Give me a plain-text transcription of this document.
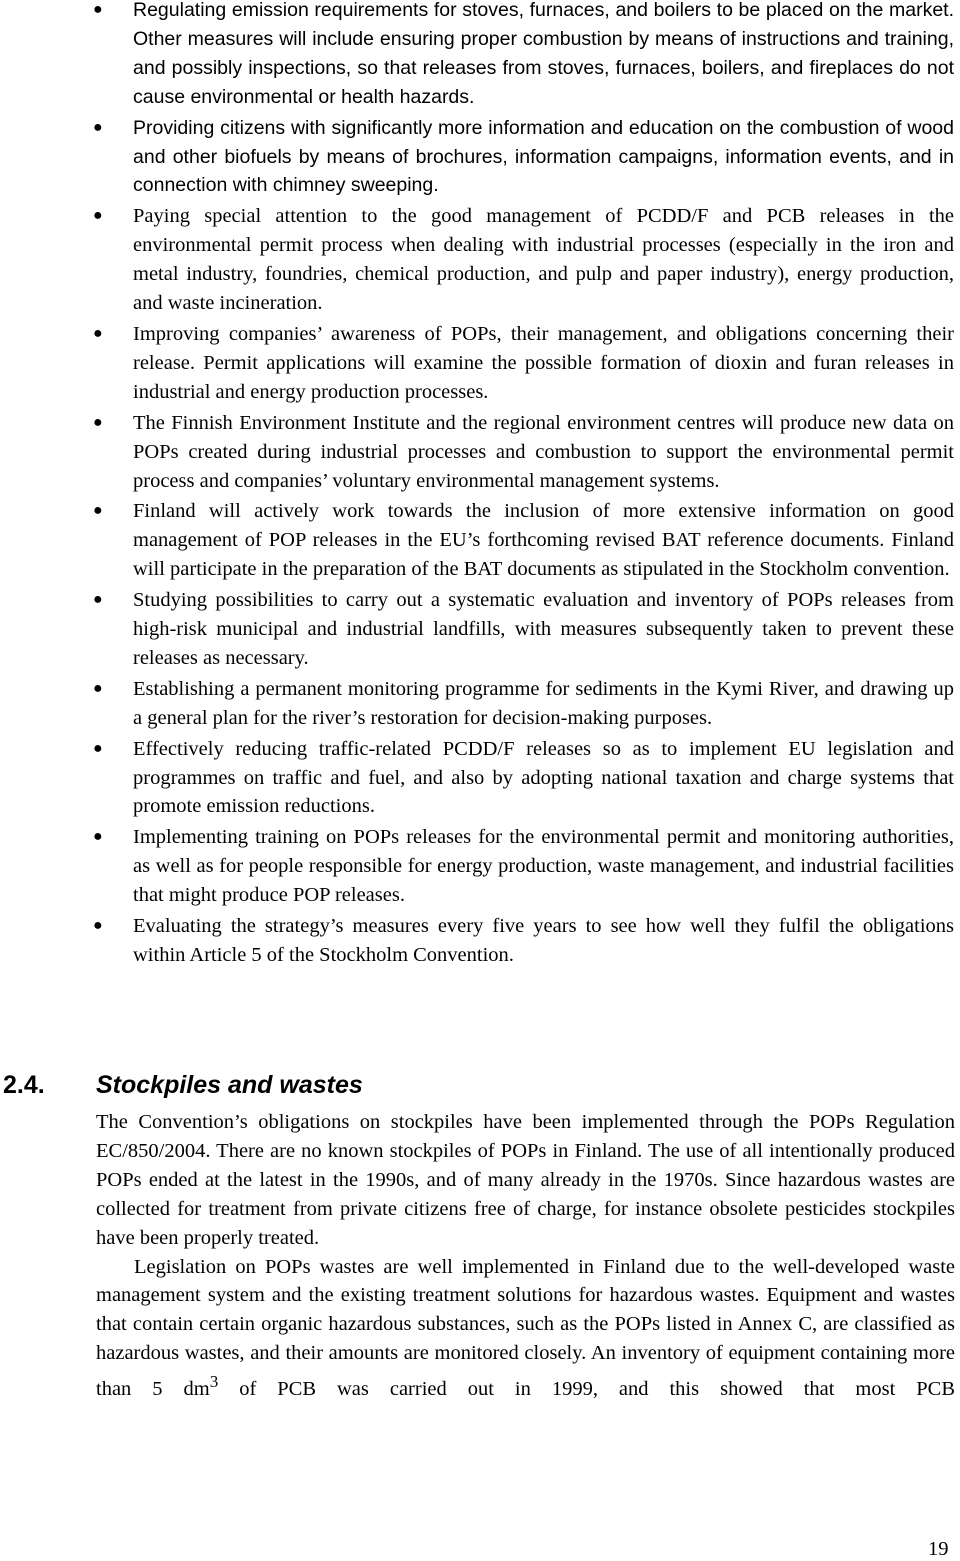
● Regulating emission requirements for stoves, furnaces, and boilers to be placed on the market. Other measures will include ensuring proper combustion by means of instructions and training, and possibly inspections, so that releases from stoves, furnaces, boilers, and fireplaces do not cause environmental or health hazards.
● Providing citizens with significantly more information and education on the combustion of wood and other biofuels by means of brochures, information campaigns, information events, and in connection with chimney sweeping.
● Paying special attention to the good management of PCDD/F and PCB releases in the environmental permit process when dealing with industrial processes (especially in the iron and metal industry, foundries, chemical production, and pulp and paper industry), energy production, and waste incineration.
● Improving companies’ awareness of POPs, their management, and obligations concerning their release. Permit applications will examine the possible formation of dioxin and furan releases in industrial and energy production processes.
● The Finnish Environment Institute and the regional environment centres will produce new data on POPs created during industrial processes and combustion to support the environmental permit process and companies’ voluntary environmental management systems.
● Finland will actively work towards the inclusion of more extensive information on good management of POP releases in the EU’s forthcoming revised BAT reference documents. Finland will participate in the preparation of the BAT documents as stipulated in the Stockholm convention.
● Studying possibilities to carry out a systematic evaluation and inventory of POPs releases from high-risk municipal and industrial landfills, with measures subsequently taken to prevent these releases as necessary.
● Establishing a permanent monitoring programme for sediments in the Kymi River, and drawing up a general plan for the river’s restoration for decision-making purposes.
● Effectively reducing traffic-related PCDD/F releases so as to implement EU legislation and programmes on traffic and fuel, and also by adopting national taxation and charge systems that promote emission reductions.
● Implementing training on POPs releases for the environmental permit and monitoring authorities, as well as for people responsible for energy production, waste management, and industrial facilities that might produce POP releases.
● Evaluating the strategy’s measures every five years to see how well they fulfil the obligations within Article 5 of the Stockholm Convention.
2.4. Stockpiles and wastes

The Convention’s obligations on stockpiles have been implemented through the POPs Regulation EC/850/2004. There are no known stockpiles of POPs in Finland. The use of all intentionally produced POPs ended at the latest in the 1990s, and of many already in the 1970s. Since hazardous wastes are collected for treatment from private citizens free of charge, for instance obsolete pesticides stockpiles have been properly treated.

Legislation on POPs wastes are well implemented in Finland due to the well-developed waste management system and the existing treatment solutions for hazardous wastes. Equipment and wastes that contain certain organic hazardous substances, such as the POPs listed in Annex C, are classified as hazardous wastes, and their amounts are monitored closely. An inventory of equipment containing more than 5 $dm^3$ of PCB was carried out in 1999, and this showed that most PCB

19
